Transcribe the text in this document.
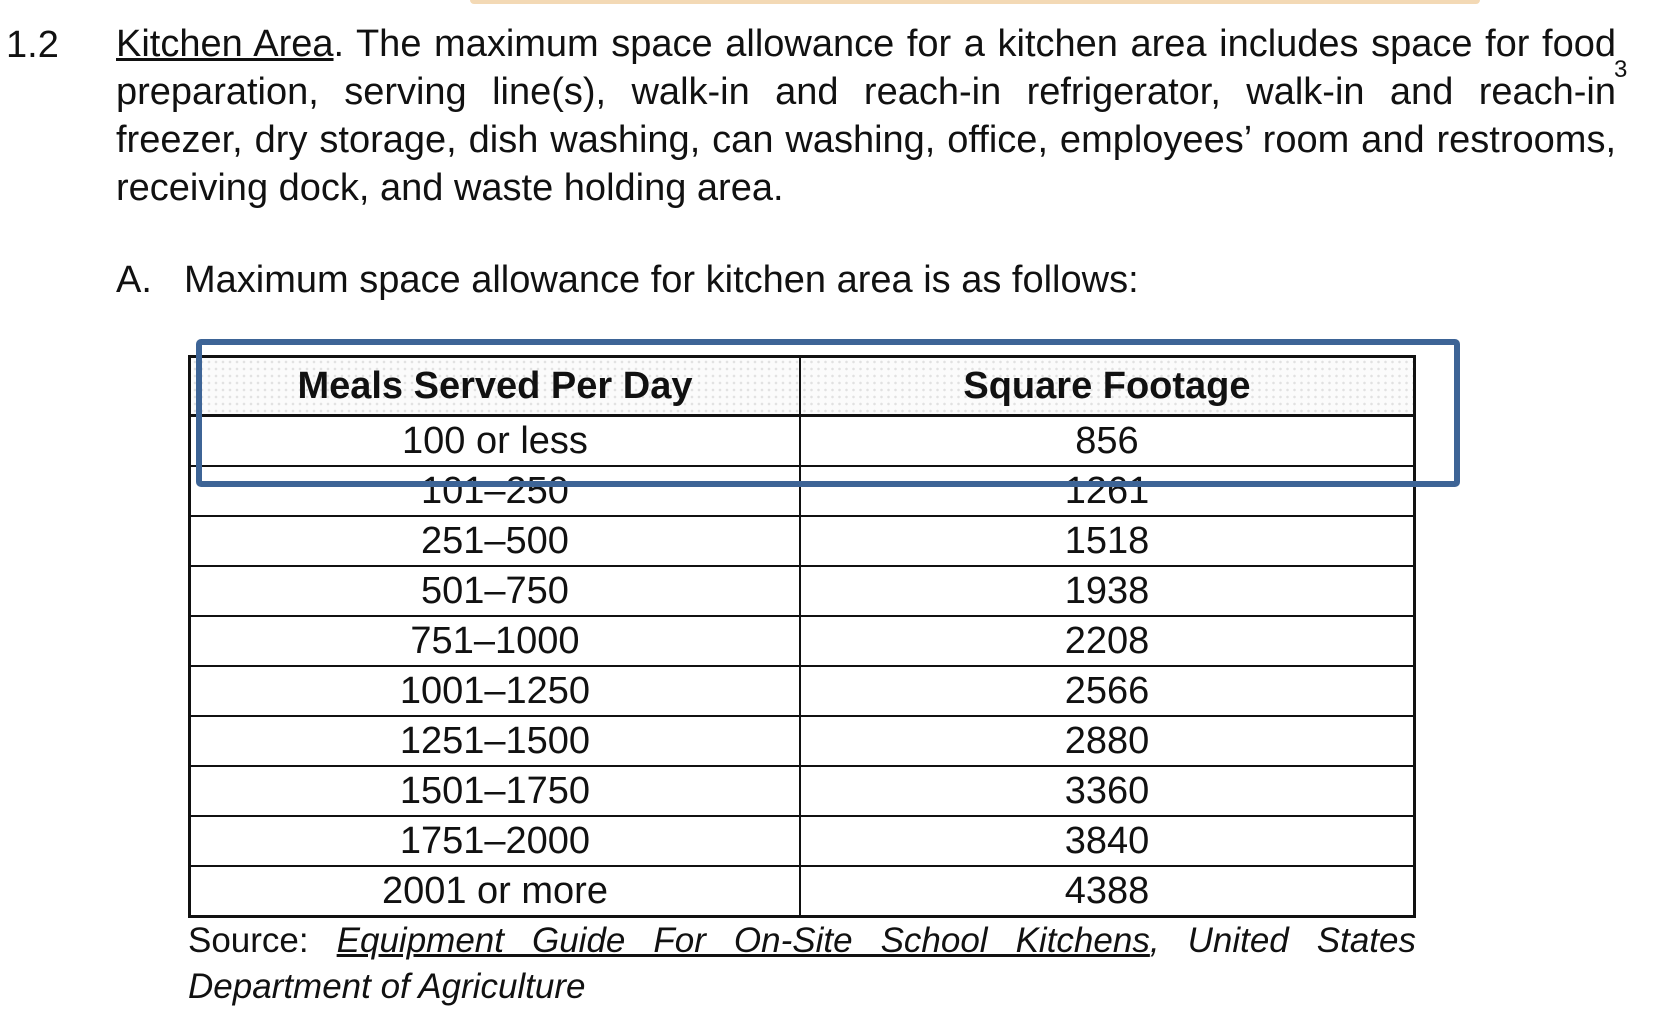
1.2 Kitchen Area. The maximum space allowance for a kitchen area includes space for food preparation, serving line(s), walk-in and reach-in refrigerator, walk-in and reach-in freezer, dry storage, dish washing, can washing, office, employees’ room and restrooms, receiving dock, and waste holding area.
3
A. Maximum space allowance for kitchen area is as follows:
Meals Served Per Day	Square Footage
100 or less	856
101–250	1261
251–500	1518
501–750	1938
751–1000	2208
1001–1250	2566
1251–1500	2880
1501–1750	3360
1751–2000	3840
2001 or more	4388
Source: Equipment Guide For On-Site School Kitchens, United States Department of Agriculture
